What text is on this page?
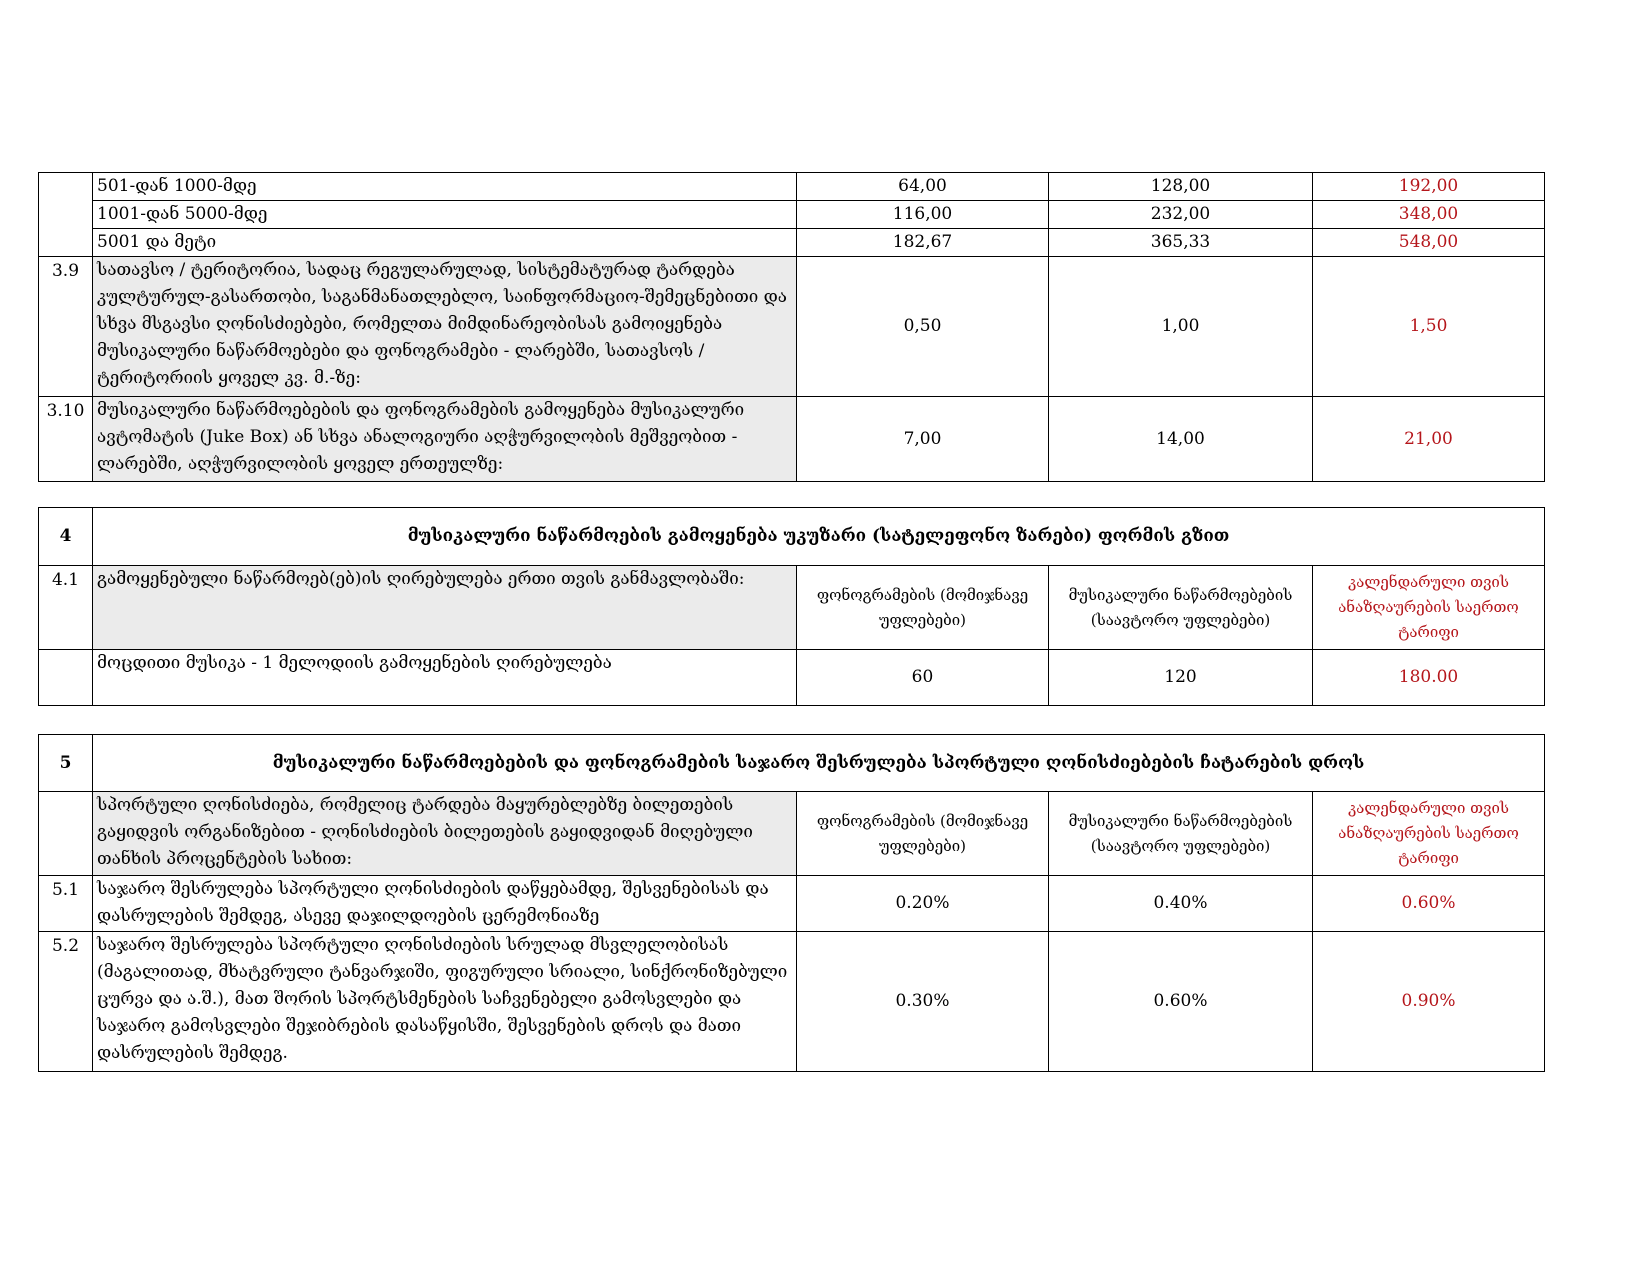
	501-დან 1000-მდე	64,00	128,00	192,00
	1001-დან 5000-მდე	116,00	232,00	348,00
	5001 და მეტი	182,67	365,33	548,00
3.9	სათავსო / ტერიტორია, სადაც რეგულარულად, სისტემატურად ტარდება კულტურულ-გასართობი, საგანმანათლებლო, საინფორმაციო-შემეცნებითი და სხვა მსგავსი ღონისძიებები, რომელთა მიმდინარეობისას გამოიყენება მუსიკალური ნაწარმოებები და ფონოგრამები - ლარებში, სათავსოს / ტერიტორიის ყოველ კვ. მ.-ზე:	0,50	1,00	1,50
3.10	მუსიკალური ნაწარმოებების და ფონოგრამების გამოყენება მუსიკალური ავტომატის (Juke Box) ან სხვა ანალოგიური აღჭურვილობის მეშვეობით - ლარებში, აღჭურვილობის ყოველ ერთეულზე:	7,00	14,00	21,00
4	მუსიკალური ნაწარმოების გამოყენება უკუზარი (სატელეფონო ზარები) ფორმის გზით			
4.1	გამოყენებული ნაწარმოებ(ებ)ის ღირებულება ერთი თვის განმავლობაში:	ფონოგრამების (მომიჯნავე უფლებები)	მუსიკალური ნაწარმოებების (საავტორო უფლებები)	კალენდარული თვის ანაზღაურების საერთო ტარიფი
	მოცდითი მუსიკა - 1 მელოდიის გამოყენების ღირებულება	60	120	180.00
5	მუსიკალური ნაწარმოებების და ფონოგრამების საჯარო შესრულება სპორტული ღონისძიებების ჩატარების დროს			
	სპორტული ღონისძიება, რომელიც ტარდება მაყურებლებზე ბილეთების გაყიდვის ორგანიზებით - ღონისძიების ბილეთების გაყიდვიდან მიღებული თანხის პროცენტების სახით:	ფონოგრამების (მომიჯნავე უფლებები)	მუსიკალური ნაწარმოებების (საავტორო უფლებები)	კალენდარული თვის ანაზღაურების საერთო ტარიფი
5.1	საჯარო შესრულება სპორტული ღონისძიების დაწყებამდე, შესვენებისას და დასრულების შემდეგ, ასევე დაჯილდოების ცერემონიაზე	0.20%	0.40%	0.60%
5.2	საჯარო შესრულება სპორტული ღონისძიების სრულად მსვლელობისას (მაგალითად, მხატვრული ტანვარჯიში, ფიგურული სრიალი, სინქრონიზებული ცურვა და ა.შ.), მათ შორის სპორტსმენების საჩვენებელი გამოსვლები და საჯარო გამოსვლები შეჯიბრების დასაწყისში, შესვენების დროს და მათი დასრულების შემდეგ.	0.30%	0.60%	0.90%
